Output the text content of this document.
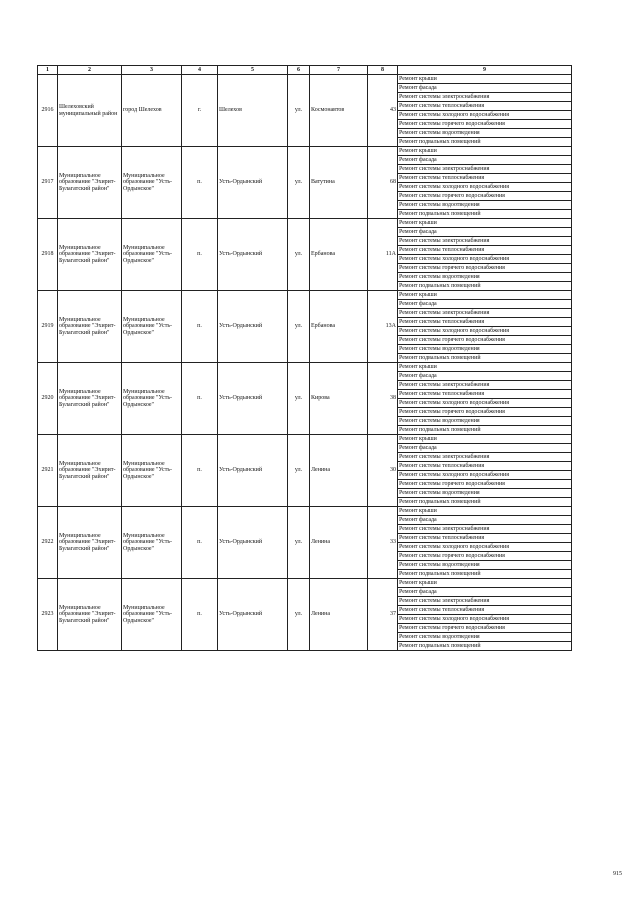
1	2	3	4	5	6	7	8	9
2916	Шелеховский муниципальный район	город Шелехов	г.	Шелехов	ул.	Космонавтов	43	Ремонт крыши
								Ремонт фасада
								Ремонт системы электроснабжения
								Ремонт системы теплоснабжения
								Ремонт системы холодного водоснабжения
								Ремонт системы горячего водоснабжения
								Ремонт системы водоотведения
								Ремонт подвальных помещений
2917	Муниципальное образование "Эхирит-Булагатский район"	Муниципальное образование "Усть-Ордынское"	п.	Усть-Ордынский	ул.	Ватутина	68	Ремонт крыши
								Ремонт фасада
								Ремонт системы электроснабжения
								Ремонт системы теплоснабжения
								Ремонт системы холодного водоснабжения
								Ремонт системы горячего водоснабжения
								Ремонт системы водоотведения
								Ремонт подвальных помещений
2918	Муниципальное образование "Эхирит-Булагатский район"	Муниципальное образование "Усть-Ордынское"	п.	Усть-Ордынский	ул.	Ербанова	11А	Ремонт крыши
								Ремонт фасада
								Ремонт системы электроснабжения
								Ремонт системы теплоснабжения
								Ремонт системы холодного водоснабжения
								Ремонт системы горячего водоснабжения
								Ремонт системы водоотведения
								Ремонт подвальных помещений
2919	Муниципальное образование "Эхирит-Булагатский район"	Муниципальное образование "Усть-Ордынское"	п.	Усть-Ордынский	ул.	Ербанова	13А	Ремонт крыши
								Ремонт фасада
								Ремонт системы электроснабжения
								Ремонт системы теплоснабжения
								Ремонт системы холодного водоснабжения
								Ремонт системы горячего водоснабжения
								Ремонт системы водоотведения
								Ремонт подвальных помещений
2920	Муниципальное образование "Эхирит-Булагатский район"	Муниципальное образование "Усть-Ордынское"	п.	Усть-Ордынский	ул.	Кирова	38	Ремонт крыши
								Ремонт фасада
								Ремонт системы электроснабжения
								Ремонт системы теплоснабжения
								Ремонт системы холодного водоснабжения
								Ремонт системы горячего водоснабжения
								Ремонт системы водоотведения
								Ремонт подвальных помещений
2921	Муниципальное образование "Эхирит-Булагатский район"	Муниципальное образование "Усть-Ордынское"	п.	Усть-Ордынский	ул.	Ленина	30	Ремонт крыши
								Ремонт фасада
								Ремонт системы электроснабжения
								Ремонт системы теплоснабжения
								Ремонт системы холодного водоснабжения
								Ремонт системы горячего водоснабжения
								Ремонт системы водоотведения
								Ремонт подвальных помещений
2922	Муниципальное образование "Эхирит-Булагатский район"	Муниципальное образование "Усть-Ордынское"	п.	Усть-Ордынский	ул.	Ленина	33	Ремонт крыши
								Ремонт фасада
								Ремонт системы электроснабжения
								Ремонт системы теплоснабжения
								Ремонт системы холодного водоснабжения
								Ремонт системы горячего водоснабжения
								Ремонт системы водоотведения
								Ремонт подвальных помещений
2923	Муниципальное образование "Эхирит-Булагатский район"	Муниципальное образование "Усть-Ордынское"	п.	Усть-Ордынский	ул.	Ленина	37	Ремонт крыши
								Ремонт фасада
								Ремонт системы электроснабжения
								Ремонт системы теплоснабжения
								Ремонт системы холодного водоснабжения
								Ремонт системы горячего водоснабжения
								Ремонт системы водоотведения
								Ремонт подвальных помещений
915
